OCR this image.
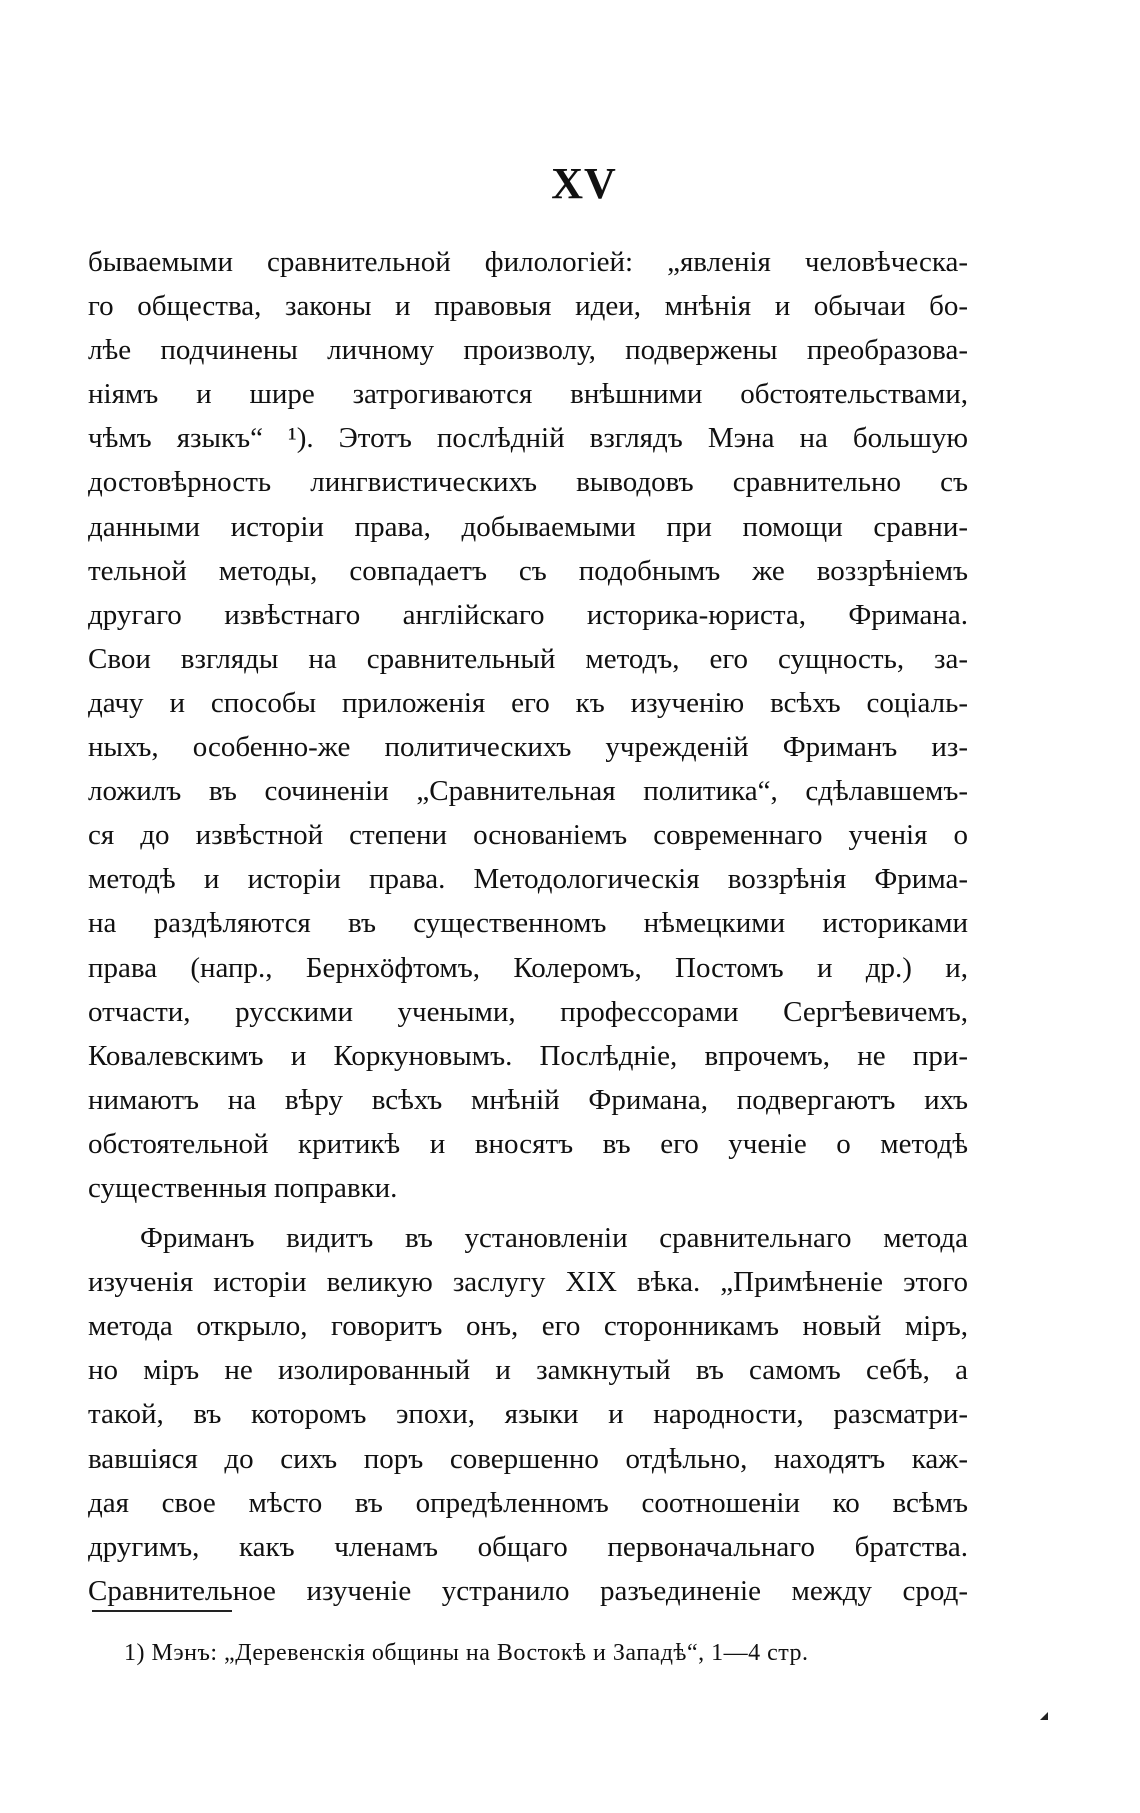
XV
бываемыми сравнительной филологiей: „явленiя человѣческа-
го общества, законы и правовыя идеи, мнѣнiя и обычаи бо-
лѣе подчинены личному произволу, подвержены преобразова-
нiямъ и шире затрогиваются внѣшними обстоятельствами,
чѣмъ языкъ“ ¹). Этотъ послѣднiй взглядъ Мэна на большую
достовѣрность лингвистическихъ выводовъ сравнительно съ
данными исторiи права, добываемыми при помощи сравни-
тельной методы, совпадаетъ съ подобнымъ же воззрѣнiемъ
другаго извѣстнаго англiйскаго историка-юриста, Фримана.
Свои взгляды на сравнительный методъ, его сущность, за-
дачу и способы приложенiя его къ изученiю всѣхъ соцiаль-
ныхъ, особенно-же политическихъ учрежденiй Фриманъ из-
ложилъ въ сочиненiи „Сравнительная политика“, сдѣлавшемъ-
ся до извѣстной степени основанiемъ современнаго ученiя о
методѣ и исторiи права. Методологическiя воззрѣнiя Фрима-
на раздѣляются въ существенномъ нѣмецкими историками
права (напр., Бернхöфтомъ, Колеромъ, Постомъ и др.) и,
отчасти, русскими учеными, профессорами Сергѣевичемъ,
Ковалевскимъ и Коркуновымъ. Послѣднiе, впрочемъ, не при-
нимаютъ на вѣру всѣхъ мнѣнiй Фримана, подвергаютъ ихъ
обстоятельной критикѣ и вносятъ въ его ученiе о методѣ
существенныя поправки.
Фриманъ видитъ въ установленiи сравнительнаго метода
изученiя исторiи великую заслугу XIX вѣка. „Примѣненiе этого
метода открыло, говоритъ онъ, его сторонникамъ новый мiръ,
но мiръ не изолированный и замкнутый въ самомъ себѣ, а
такой, въ которомъ эпохи, языки и народности, разсматри-
вавшiяся до сихъ поръ совершенно отдѣльно, находятъ каж-
дая свое мѣсто въ опредѣленномъ соотношенiи ко всѣмъ
другимъ, какъ членамъ общаго первоначальнаго братства.
Сравнительное изученiе устранило разъединенiе между срод-
1) Мэнъ: „Деревенскiя общины на Востокѣ и Западѣ“, 1—4 стр.
